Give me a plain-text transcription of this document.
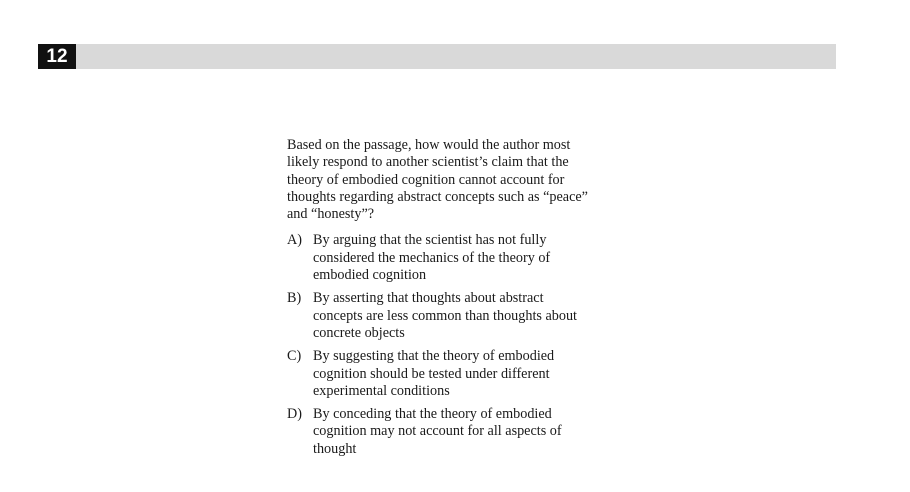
12

Based on the passage, how would the author most
likely respond to another scientist’s claim that the
theory of embodied cognition cannot account for
thoughts regarding abstract concepts such as “peace”
and “honesty”?

A) By arguing that the scientist has not fully
considered the mechanics of the theory of
embodied cognition
B) By asserting that thoughts about abstract
concepts are less common than thoughts about
concrete objects
C) By suggesting that the theory of embodied
cognition should be tested under different
experimental conditions
D) By conceding that the theory of embodied
cognition may not account for all aspects of
thought
